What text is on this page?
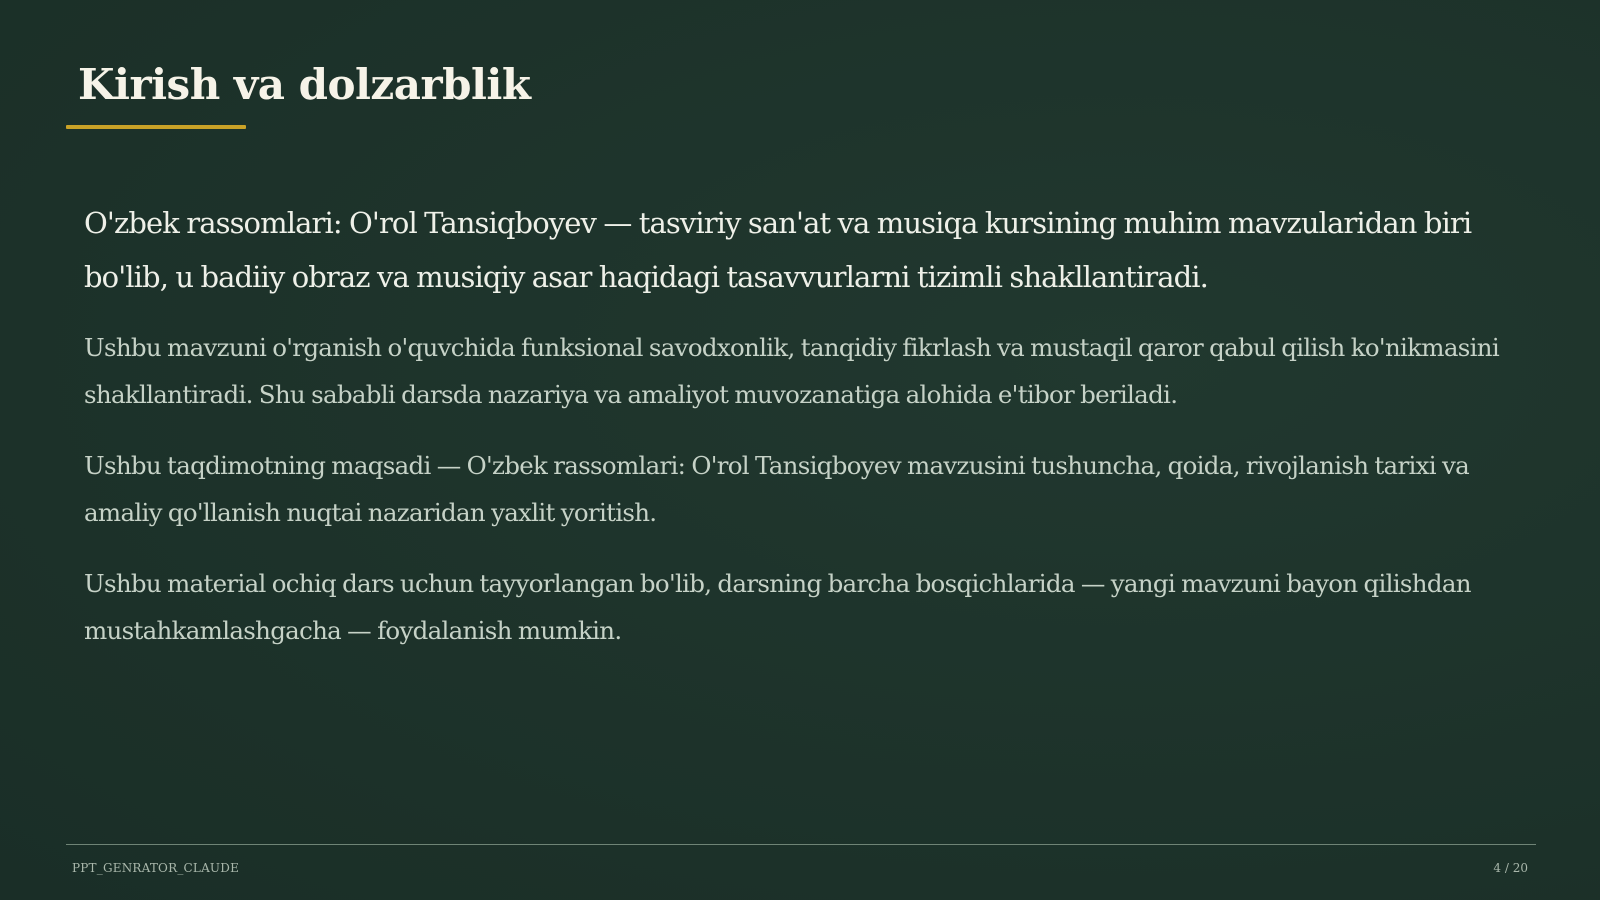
Kirish va dolzarblik

O'zbek rassomlari: O'rol Tansiqboyev — tasviriy san'at va musiqa kursining muhim mavzularidan biri bo'lib, u badiiy obraz va musiqiy asar haqidagi tasavvurlarni tizimli shakllantiradi.

Ushbu mavzuni o'rganish o'quvchida funksional savodxonlik, tanqidiy fikrlash va mustaqil qaror qabul qilish ko'nikmasini shakllantiradi. Shu sababli darsda nazariya va amaliyot muvozanatiga alohida e'tibor beriladi.

Ushbu taqdimotning maqsadi — O'zbek rassomlari: O'rol Tansiqboyev mavzusini tushuncha, qoida, rivojlanish tarixi va amaliy qo'llanish nuqtai nazaridan yaxlit yoritish.

Ushbu material ochiq dars uchun tayyorlangan bo'lib, darsning barcha bosqichlarida — yangi mavzuni bayon qilishdan mustahkamlashgacha — foydalanish mumkin.

PPT_GENRATOR_CLAUDE	4 / 20
